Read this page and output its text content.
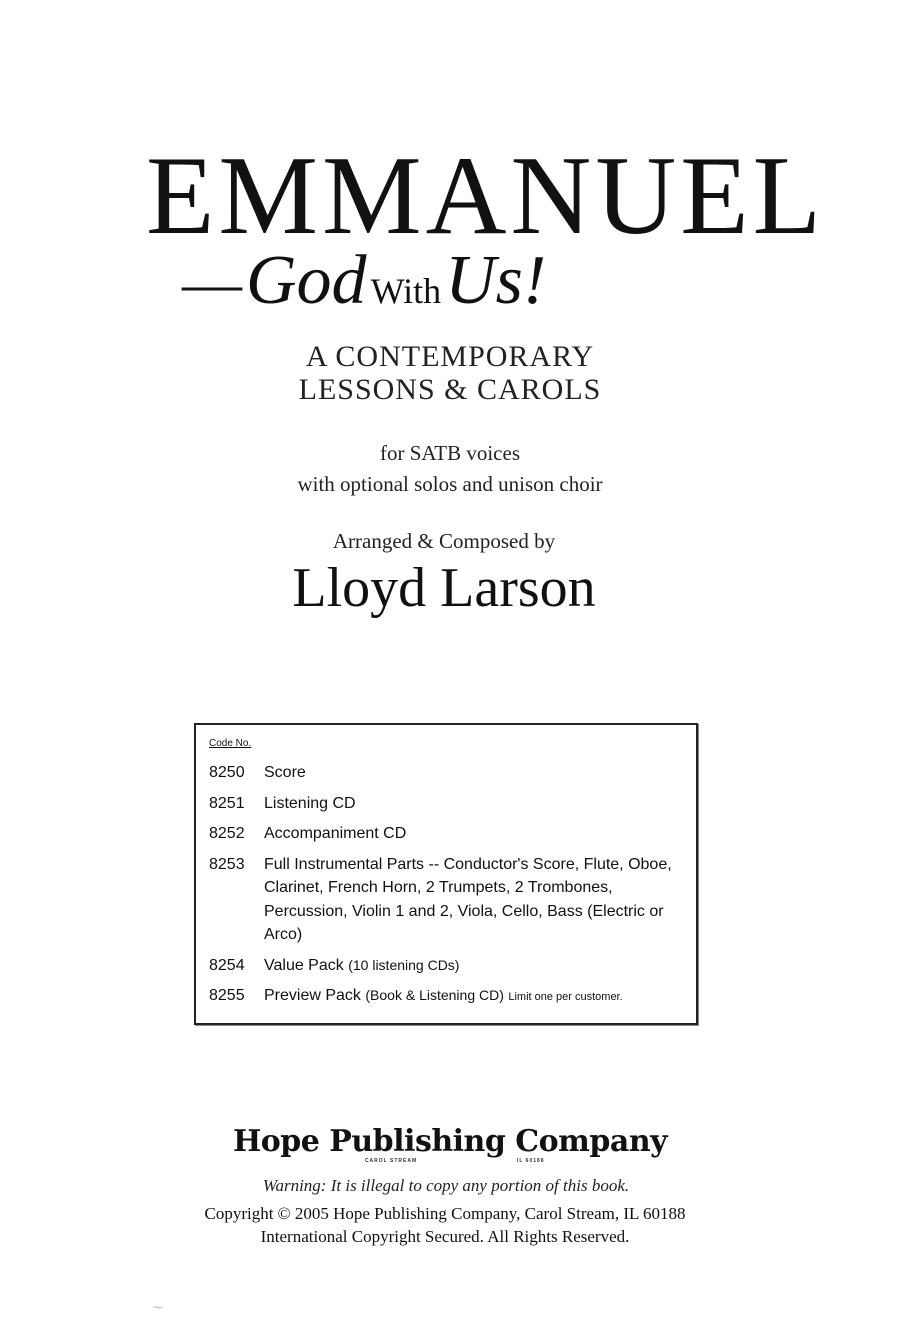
EMMANUEL
— God With Us!
A CONTEMPORARY
LESSONS & CAROLS
for SATB voices
with optional solos and unison choir
Arranged & Composed by
Lloyd Larson
Code No.
8250	Score
8251	Listening CD
8252	Accompaniment CD
8253	Full Instrumental Parts -- Conductor's Score, Flute, Oboe, Clarinet, French Horn, 2 Trumpets, 2 Trombones, Percussion, Violin 1 and 2, Viola, Cello, Bass (Electric or Arco)
8254	Value Pack (10 listening CDs)
8255	Preview Pack (Book & Listening CD) Limit one per customer.
Hope Publishing Company
CAROL STREAM	IL 60188
Warning: It is illegal to copy any portion of this book.
Copyright © 2005 Hope Publishing Company, Carol Stream, IL 60188
International Copyright Secured. All Rights Reserved.
~
